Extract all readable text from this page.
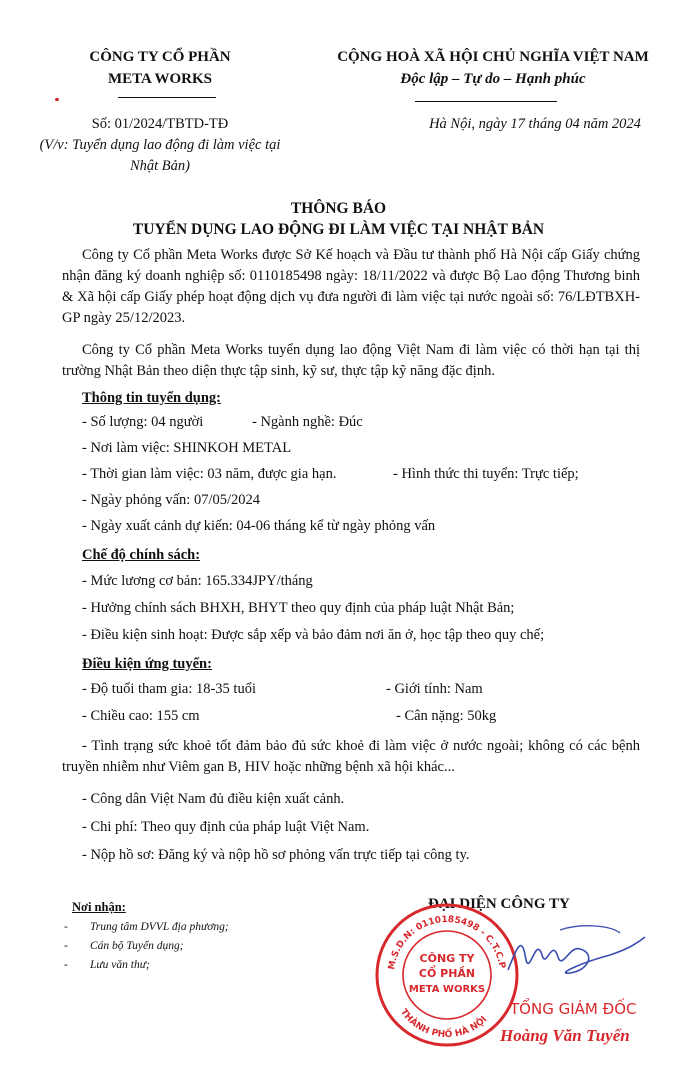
CÔNG TY CỔ PHẦN
META WORKS
CỘNG HOÀ XÃ HỘI CHỦ NGHĨA VIỆT NAM
Độc lập – Tự do – Hạnh phúc
Số: 01/2024/TBTD-TĐ
(V/v: Tuyển dụng lao động đi làm việc tại
Nhật Bản)
Hà Nội, ngày 17 tháng 04 năm 2024
THÔNG BÁO
TUYỂN DỤNG LAO ĐỘNG ĐI LÀM VIỆC TẠI NHẬT BẢN
Công ty Cổ phần Meta Works được Sở Kế hoạch và Đầu tư thành phố Hà Nội cấp Giấy chứng nhận đăng ký doanh nghiệp số: 0110185498 ngày: 18/11/2022 và được Bộ Lao động Thương binh & Xã hội cấp Giấy phép hoạt động dịch vụ đưa người đi làm việc tại nước ngoài số: 76/LĐTBXH-GP ngày 25/12/2023.
Công ty Cổ phần Meta Works tuyển dụng lao động Việt Nam đi làm việc có thời hạn tại thị trường Nhật Bản theo diện thực tập sinh, kỹ sư, thực tập kỹ năng đặc định.
Thông tin tuyển dụng:
- Số lượng: 04 người	- Ngành nghề: Đúc
- Nơi làm việc: SHINKOH METAL
- Thời gian làm việc: 03 năm, được gia hạn.	- Hình thức thi tuyển: Trực tiếp;
- Ngày phỏng vấn: 07/05/2024
- Ngày xuất cảnh dự kiến: 04-06 tháng kể từ ngày phỏng vấn
Chế độ chính sách:
- Mức lương cơ bản: 165.334JPY/tháng
- Hưởng chính sách BHXH, BHYT theo quy định của pháp luật Nhật Bản;
- Điều kiện sinh hoạt: Được sắp xếp và bảo đảm nơi ăn ở, học tập theo quy chế;
Điều kiện ứng tuyển:
- Độ tuổi tham gia: 18-35 tuổi	- Giới tính: Nam
- Chiều cao: 155 cm	- Cân nặng: 50kg
- Tình trạng sức khoẻ tốt đảm bảo đủ sức khoẻ đi làm việc ở nước ngoài; không có các bệnh truyền nhiễm như Viêm gan B, HIV hoặc những bệnh xã hội khác...
- Công dân Việt Nam đủ điều kiện xuất cảnh.
- Chi phí: Theo quy định của pháp luật Việt Nam.
- Nộp hồ sơ: Đăng ký và nộp hồ sơ phỏng vấn trực tiếp tại công ty.
Nơi nhận:
- Trung tâm DVVL địa phương;
- Cán bộ Tuyển dụng;
- Lưu văn thư;
ĐẠI DIỆN CÔNG TY
M.S.D.N: 0110185498 - C.T.C.P
THÀNH PHỐ HÀ NỘI
CÔNG TY
CỔ PHẦN
META WORKS
TỔNG GIÁM ĐỐC
Hoàng Văn Tuyển
